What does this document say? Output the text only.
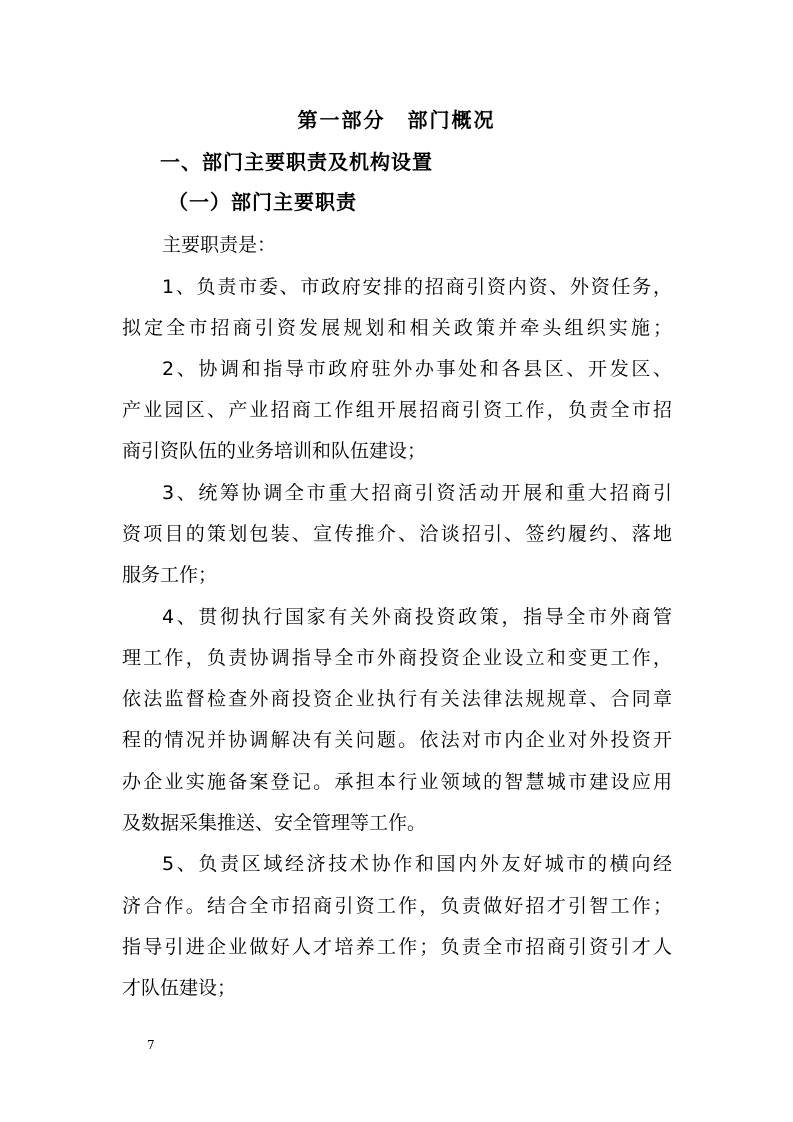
第一部分 部门概况
一、部门主要职责及机构设置
（一）部门主要职责
主要职责是：
1、负责市委、市政府安排的招商引资内资、外资任务，
拟定全市招商引资发展规划和相关政策并牵头组织实施；
2、协调和指导市政府驻外办事处和各县区、开发区、
产业园区、产业招商工作组开展招商引资工作，负责全市招
商引资队伍的业务培训和队伍建设；
3、统筹协调全市重大招商引资活动开展和重大招商引
资项目的策划包装、宣传推介、洽谈招引、签约履约、落地
服务工作；
4、贯彻执行国家有关外商投资政策，指导全市外商管
理工作，负责协调指导全市外商投资企业设立和变更工作，
依法监督检查外商投资企业执行有关法律法规规章、合同章
程的情况并协调解决有关问题。依法对市内企业对外投资开
办企业实施备案登记。承担本行业领域的智慧城市建设应用
及数据采集推送、安全管理等工作。
5、负责区域经济技术协作和国内外友好城市的横向经
济合作。结合全市招商引资工作，负责做好招才引智工作；
指导引进企业做好人才培养工作；负责全市招商引资引才人
才队伍建设；
7
